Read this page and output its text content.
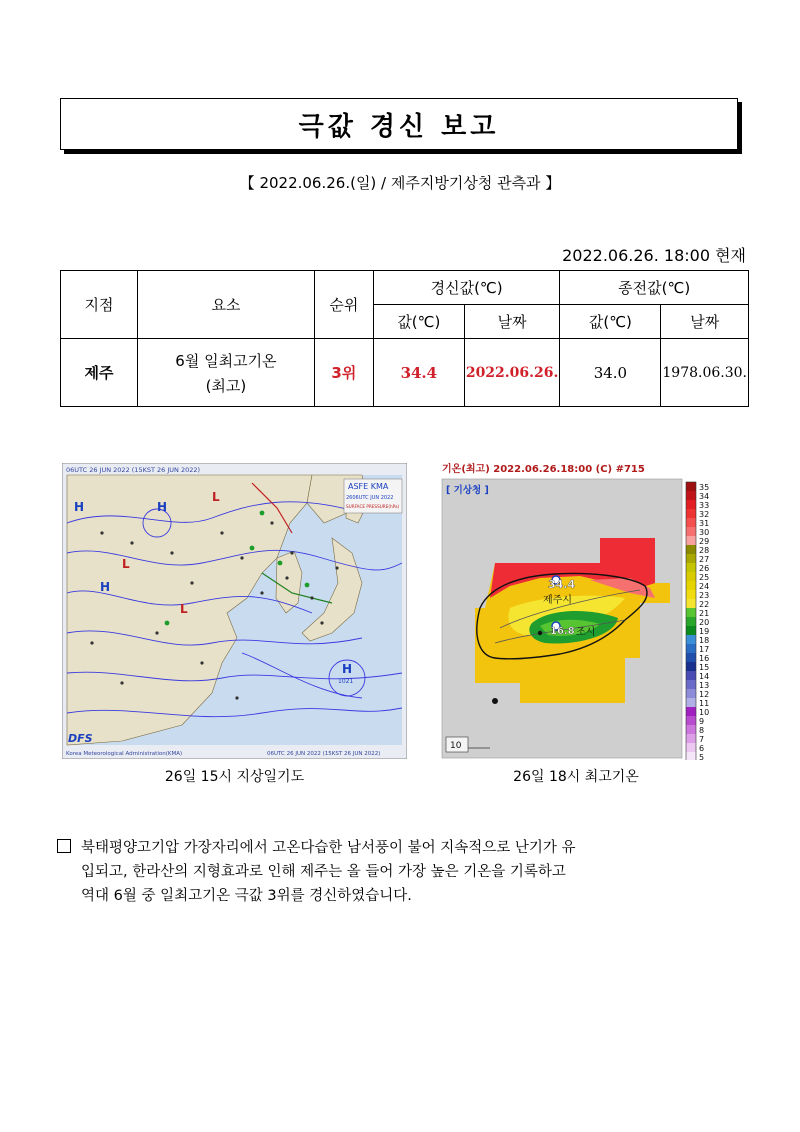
극값 경신 보고
【 2022.06.26.(일) / 제주지방기상청 관측과 】
2022.06.26. 18:00 현재
지점	요소	순위	경신값(℃)		종전값(℃)	
			값(℃)	날짜	값(℃)	날짜
제주	6월 일최고기온
(최고)	3위	34.4	2022.06.26.	34.0	1978.06.30.
06UTC 26 JUN 2022 (15KST 26 JUN 2022)
H
L
H
H
L
L
H
1021
ASFE KMA
2606UTC JUN 2022
SURFACE PRESSURE(hPa)
DFS
Korea Meteorological Administration(KMA)	06UTC 26 JUN 2022 (15KST 26 JUN 2022)
26일 15시 지상일기도
기온(최고) 2022.06.26.18:00 (C) #715
[ 기상청 ]
34.4
제주시
16.8 조시
10
35
34
33
32
31
30
29
28
27
26
25
24
23
22
21
20
19
18
17
16
15
14
13
12
11
10
9
8
7
6
5
26일 18시 최고기온
북태평양고기압 가장자리에서 고온다습한 남서풍이 불어 지속적으로 난기가 유
입되고, 한라산의 지형효과로 인해 제주는 올 들어 가장 높은 기온을 기록하고
역대 6월 중 일최고기온 극값 3위를 경신하였습니다.
